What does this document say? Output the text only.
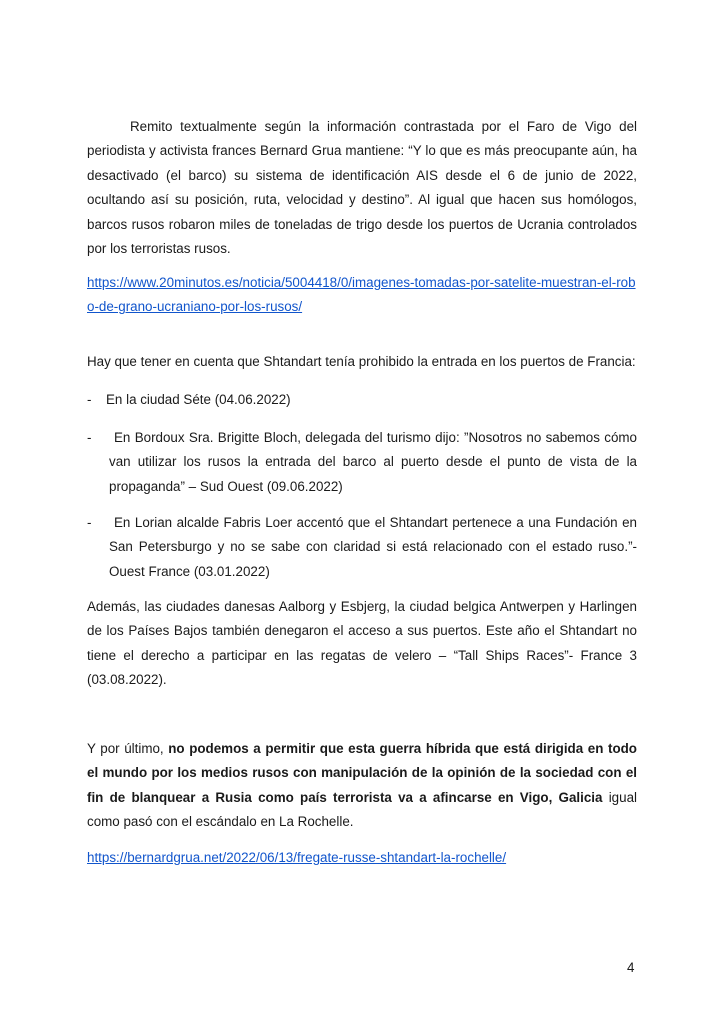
Remito textualmente según la información contrastada por el Faro de Vigo del periodista y activista frances Bernard Grua mantiene: “Y lo que es más preocupante aún, ha desactivado (el barco) su sistema de identificación AIS desde el 6 de junio de 2022, ocultando así su posición, ruta, velocidad y destino”. Al igual que hacen sus homólogos, barcos rusos robaron miles de toneladas de trigo desde los puertos de Ucrania controlados por los terroristas rusos.

https://www.20minutos.es/noticia/5004418/0/imagenes-tomadas-por-satelite-muestran-el-robo-de-grano-ucraniano-por-los-rusos/

Hay que tener en cuenta que Shtandart tenía prohibido la entrada en los puertos de Francia:

- En la ciudad Séte (04.06.2022)
-	En Bordoux Sra. Brigitte Bloch, delegada del turismo dijo: ”Nosotros no sabemos cómo van utilizar los rusos la entrada del barco al puerto desde el punto de vista de la propaganda” – Sud Ouest (09.06.2022)
-	En Lorian alcalde Fabris Loer accentó que el Shtandart pertenece a una Fundación en San Petersburgo y no se sabe con claridad si está relacionado con el estado ruso.”- Ouest France (03.01.2022)

Además, las ciudades danesas Aalborg y Esbjerg, la ciudad belgica Antwerpen y Harlingen de los Países Bajos también denegaron el acceso a sus puertos. Este año el Shtandart no tiene el derecho a participar en las regatas de velero – “Tall Ships Races”- France 3 (03.08.2022).

Y por último, no podemos a permitir que esta guerra híbrida que está dirigida en todo el mundo por los medios rusos con manipulación de la opinión de la sociedad con el fin de blanquear a Rusia como país terrorista va a afincarse en Vigo, Galicia igual como pasó con el escándalo en La Rochelle.

https://bernardgrua.net/2022/06/13/fregate-russe-shtandart-la-rochelle/

4
